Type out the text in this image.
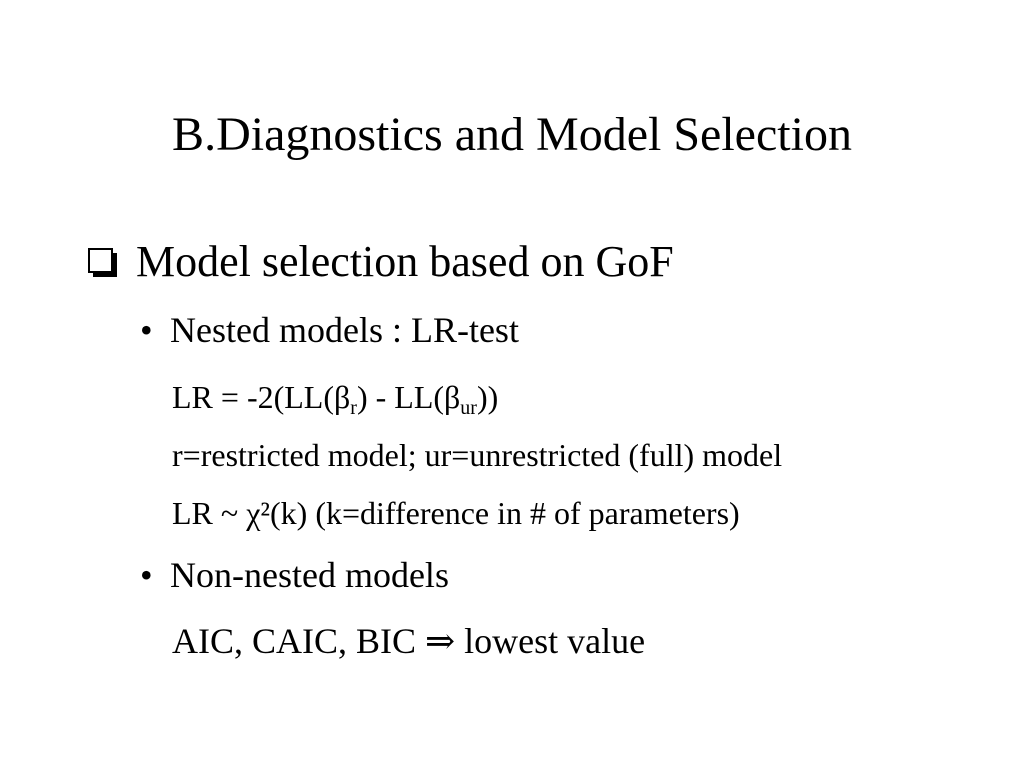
B.Diagnostics and Model Selection
Model selection based on GoF
• Nested models : LR-test
LR = $-2(LL(\beta_r) - LL(\beta_{ur}))$
r=restricted model; ur=unrestricted (full) model
LR ~ χ²(k) (k=difference in # of parameters)
• Non-nested models
AIC, CAIC, BIC ⇒ lowest value
